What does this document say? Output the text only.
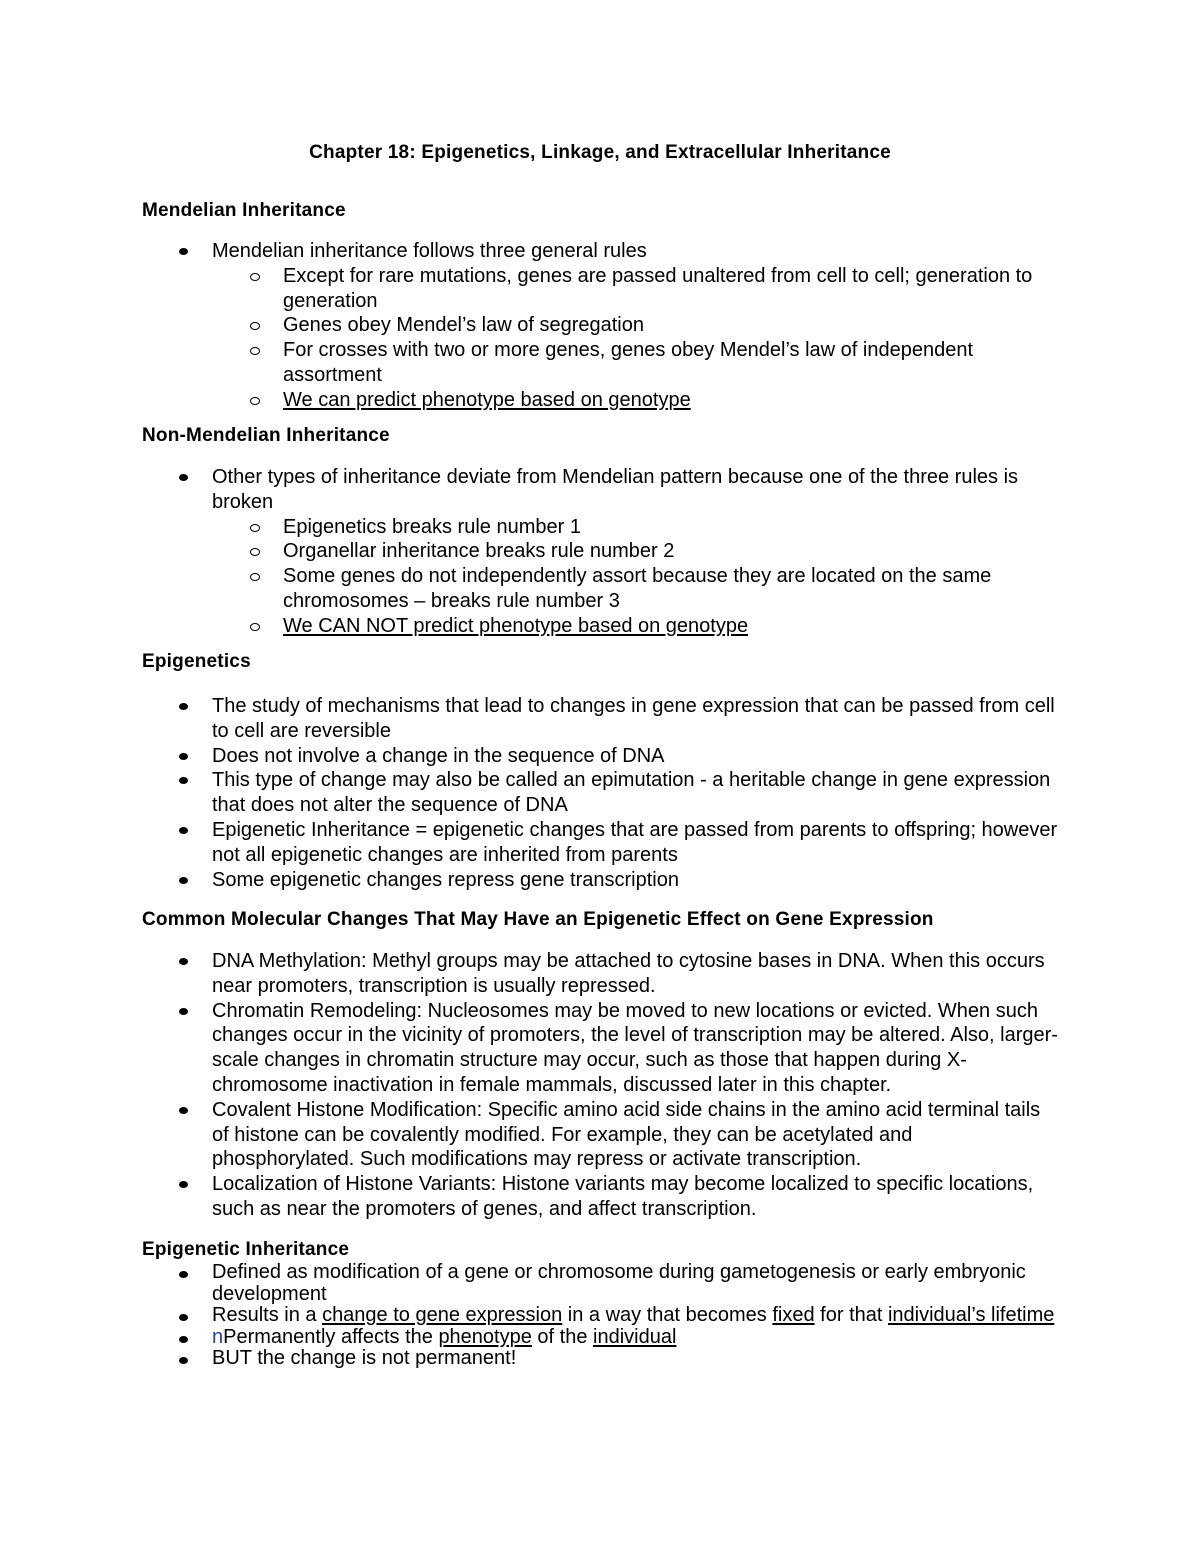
Chapter 18: Epigenetics, Linkage, and Extracellular Inheritance
Mendelian Inheritance
Mendelian inheritance follows three general rules
Except for rare mutations, genes are passed unaltered from cell to cell; generation to generation
Genes obey Mendel’s law of segregation
For crosses with two or more genes, genes obey Mendel’s law of independent assortment
We can predict phenotype based on genotype
Non-Mendelian Inheritance
Other types of inheritance deviate from Mendelian pattern because one of the three rules is broken
Epigenetics breaks rule number 1
Organellar inheritance breaks rule number 2
Some genes do not independently assort because they are located on the same chromosomes – breaks rule number 3
We CAN NOT predict phenotype based on genotype
Epigenetics
The study of mechanisms that lead to changes in gene expression that can be passed from cell to cell are reversible
Does not involve a change in the sequence of DNA
This type of change may also be called an epimutation - a heritable change in gene expression that does not alter the sequence of DNA
Epigenetic Inheritance = epigenetic changes that are passed from parents to offspring; however not all epigenetic changes are inherited from parents
Some epigenetic changes repress gene transcription
Common Molecular Changes That May Have an Epigenetic Effect on Gene Expression
DNA Methylation: Methyl groups may be attached to cytosine bases in DNA. When this occurs near promoters, transcription is usually repressed.
Chromatin Remodeling: Nucleosomes may be moved to new locations or evicted. When such changes occur in the vicinity of promoters, the level of transcription may be altered. Also, larger-scale changes in chromatin structure may occur, such as those that happen during X-chromosome inactivation in female mammals, discussed later in this chapter.
Covalent Histone Modification: Specific amino acid side chains in the amino acid terminal tails of histone can be covalently modified. For example, they can be acetylated and phosphorylated. Such modifications may repress or activate transcription.
Localization of Histone Variants: Histone variants may become localized to specific locations, such as near the promoters of genes, and affect transcription.
Epigenetic Inheritance
Defined as modification of a gene or chromosome during gametogenesis or early embryonic development
Results in a change to gene expression in a way that becomes fixed for that individual’s lifetime
nPermanently affects the phenotype of the individual
BUT the change is not permanent!
